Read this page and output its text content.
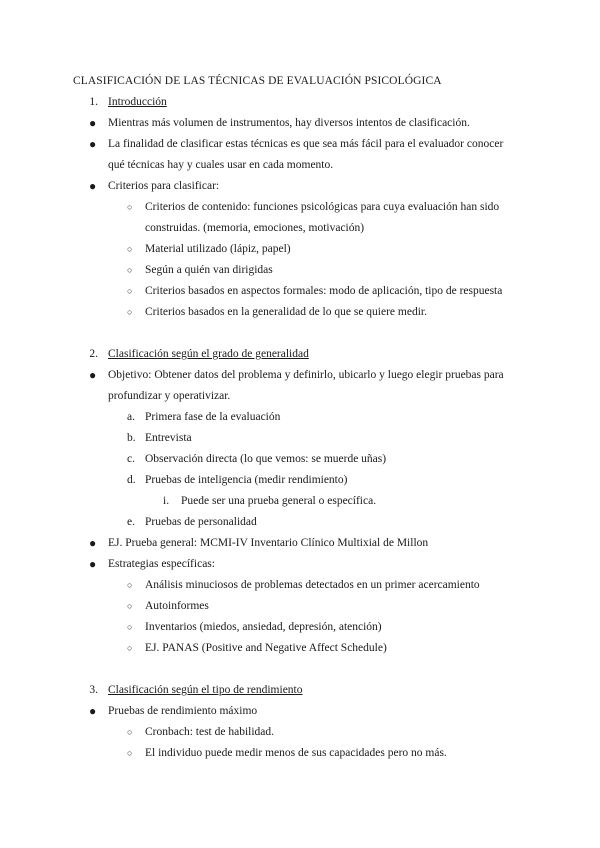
CLASIFICACIÓN DE LAS TÉCNICAS DE EVALUACIÓN PSICOLÓGICA
1. Introducción
● Mientras más volumen de instrumentos, hay diversos intentos de clasificación.
● La finalidad de clasificar estas técnicas es que sea más fácil para el evaluador conocer
qué técnicas hay y cuales usar en cada momento.
● Criterios para clasificar:
○ Criterios de contenido: funciones psicológicas para cuya evaluación han sido
construidas. (memoria, emociones, motivación)
○ Material utilizado (lápiz, papel)
○ Según a quién van dirigidas
○ Criterios basados en aspectos formales: modo de aplicación, tipo de respuesta
○ Criterios basados en la generalidad de lo que se quiere medir.
2. Clasificación según el grado de generalidad
● Objetivo: Obtener datos del problema y definirlo, ubicarlo y luego elegir pruebas para
profundizar y operativizar.
a. Primera fase de la evaluación
b. Entrevista
c. Observación directa (lo que vemos: se muerde uñas)
d. Pruebas de inteligencia (medir rendimiento)
i. Puede ser una prueba general o específica.
e. Pruebas de personalidad
● EJ. Prueba general: MCMI-IV Inventario Clínico Multixial de Millon
● Estrategias específicas:
○ Análisis minuciosos de problemas detectados en un primer acercamiento
○ Autoinformes
○ Inventarios (miedos, ansiedad, depresión, atención)
○ EJ. PANAS (Positive and Negative Affect Schedule)
3. Clasificación según el tipo de rendimiento
● Pruebas de rendimiento máximo
○ Cronbach: test de habilidad.
○ El individuo puede medir menos de sus capacidades pero no más.
